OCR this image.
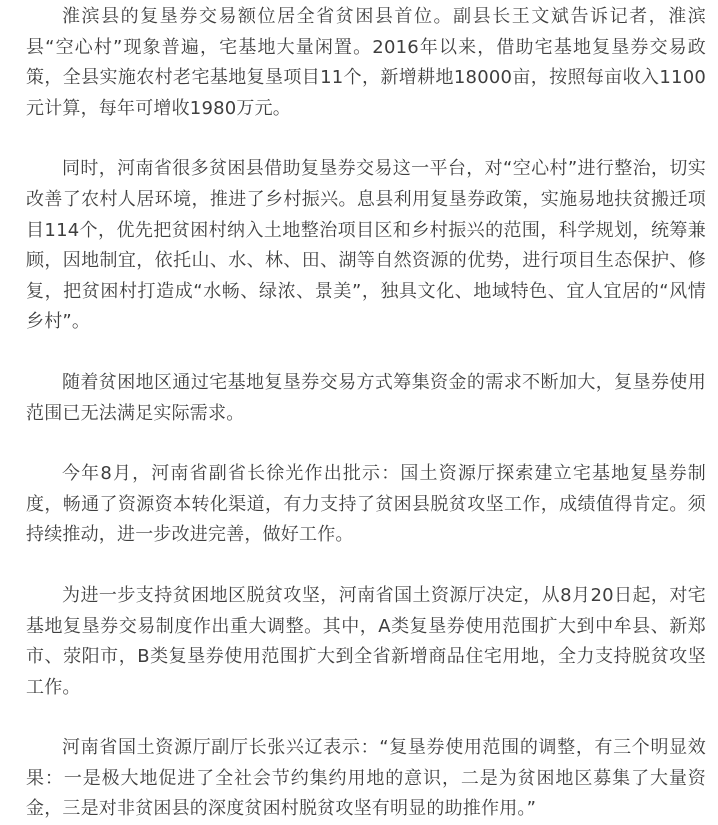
淮滨县的复垦券交易额位居全省贫困县首位。副县长王文斌告诉记者，淮滨县“空心村”现象普遍，宅基地大量闲置。2016年以来，借助宅基地复垦券交易政策，全县实施农村老宅基地复垦项目11个，新增耕地18000亩，按照每亩收入1100元计算，每年可增收1980万元。

同时，河南省很多贫困县借助复垦券交易这一平台，对“空心村”进行整治，切实改善了农村人居环境，推进了乡村振兴。息县利用复垦券政策，实施易地扶贫搬迁项目114个，优先把贫困村纳入土地整治项目区和乡村振兴的范围，科学规划，统筹兼顾，因地制宜，依托山、水、林、田、湖等自然资源的优势，进行项目生态保护、修复，把贫困村打造成“水畅、绿浓、景美”，独具文化、地域特色、宜人宜居的“风情乡村”。

随着贫困地区通过宅基地复垦券交易方式筹集资金的需求不断加大，复垦券使用范围已无法满足实际需求。

今年8月，河南省副省长徐光作出批示：国土资源厅探索建立宅基地复垦券制度，畅通了资源资本转化渠道，有力支持了贫困县脱贫攻坚工作，成绩值得肯定。须持续推动，进一步改进完善，做好工作。

为进一步支持贫困地区脱贫攻坚，河南省国土资源厅决定，从8月20日起，对宅基地复垦券交易制度作出重大调整。其中，A类复垦券使用范围扩大到中牟县、新郑市、荥阳市，B类复垦券使用范围扩大到全省新增商品住宅用地，全力支持脱贫攻坚工作。

河南省国土资源厅副厅长张兴辽表示：“复垦券使用范围的调整，有三个明显效果：一是极大地促进了全社会节约集约用地的意识，二是为贫困地区募集了大量资金，三是对非贫困县的深度贫困村脱贫攻坚有明显的助推作用。”
